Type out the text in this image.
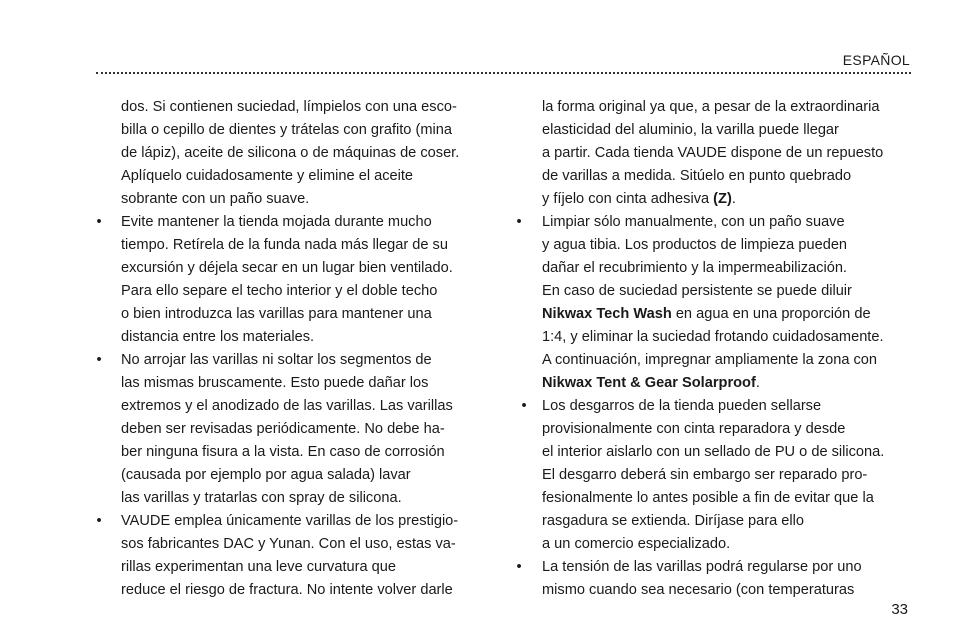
ESPAÑOL

dos. Si contienen suciedad, límpielos con una esco-
billa o cepillo de dientes y trátelas con grafito (mina
de lápiz), aceite de silicona o de máquinas de coser.
Aplíquelo cuidadosamente y elimine el aceite
sobrante con un paño suave.

• Evite mantener la tienda mojada durante mucho
tiempo. Retírela de la funda nada más llegar de su
excursión y déjela secar en un lugar bien ventilado.
Para ello separe el techo interior y el doble techo
o bien introduzca las varillas para mantener una
distancia entre los materiales.

• No arrojar las varillas ni soltar los segmentos de
las mismas bruscamente. Esto puede dañar los
extremos y el anodizado de las varillas. Las varillas
deben ser revisadas periódicamente. No debe ha-
ber ninguna fisura a la vista. En caso de corrosión
(causada por ejemplo por agua salada) lavar
las varillas y tratarlas con spray de silicona.

• VAUDE emplea únicamente varillas de los prestigio-
sos fabricantes DAC y Yunan. Con el uso, estas va-
rillas experimentan una leve curvatura que
reduce el riesgo de fractura. No intente volver darle

la forma original ya que, a pesar de la extraordinaria
elasticidad del aluminio, la varilla puede llegar
a partir. Cada tienda VAUDE dispone de un repuesto
de varillas a medida. Sitúelo en punto quebrado
y fíjelo con cinta adhesiva (Z).

• Limpiar sólo manualmente, con un paño suave
y agua tibia. Los productos de limpieza pueden
dañar el recubrimiento y la impermeabilización.
En caso de suciedad persistente se puede diluir
Nikwax Tech Wash en agua en una proporción de
1:4, y eliminar la suciedad frotando cuidadosamente.
A continuación, impregnar ampliamente la zona con
Nikwax Tent & Gear Solarproof.

• Los desgarros de la tienda pueden sellarse
provisionalmente con cinta reparadora y desde
el interior aislarlo con un sellado de PU o de silicona.
El desgarro deberá sin embargo ser reparado pro-
fesionalmente lo antes posible a fin de evitar que la
rasgadura se extienda. Diríjase para ello
a un comercio especializado.

• La tensión de las varillas podrá regularse por uno
mismo cuando sea necesario (con temperaturas

33
